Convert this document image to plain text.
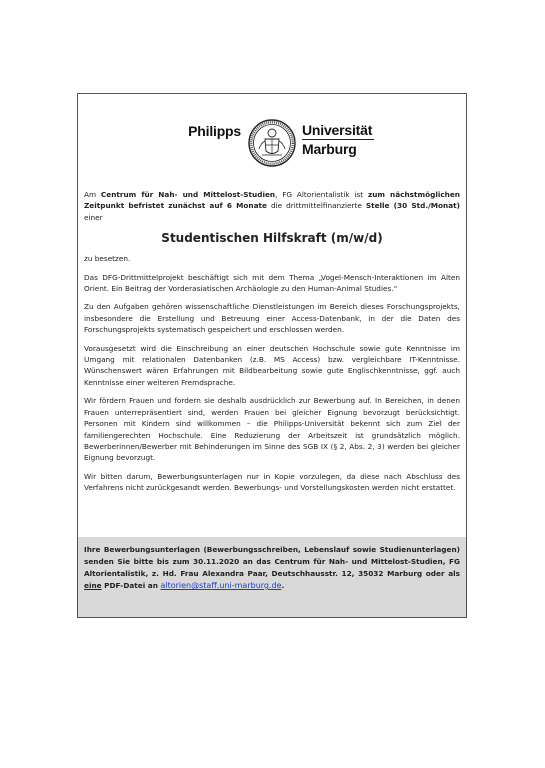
Philipps	Universität
Marburg

Am Centrum für Nah- und Mittelost-Studien, FG Altorientalistik ist zum nächstmöglichen Zeitpunkt befristet zunächst auf 6 Monate die drittmittelfinanzierte Stelle (30 Std./Monat) einer

Studentischen Hilfskraft (m/w/d)

zu besetzen.

Das DFG-Drittmittelprojekt beschäftigt sich mit dem Thema „Vogel-Mensch-Interaktionen im Alten Orient. Ein Beitrag der Vorderasiatischen Archäologie zu den Human-Animal Studies.“

Zu den Aufgaben gehören wissenschaftliche Dienstleistungen im Bereich dieses Forschungsprojekts, insbesondere die Erstellung und Betreuung einer Access-Datenbank, in der die Daten des Forschungsprojekts systematisch gespeichert und erschlossen werden.

Vorausgesetzt wird die Einschreibung an einer deutschen Hochschule sowie gute Kenntnisse im Umgang mit relationalen Datenbanken (z.B. MS Access) bzw. vergleichbare IT-Kenntnisse. Wünschenswert wären Erfahrungen mit Bildbearbeitung sowie gute Englischkenntnisse, ggf. auch Kenntnisse einer weiteren Fremdsprache.

Wir fördern Frauen und fordern sie deshalb ausdrücklich zur Bewerbung auf. In Bereichen, in denen Frauen unterrepräsentiert sind, werden Frauen bei gleicher Eignung bevorzugt berücksichtigt. Personen mit Kindern sind willkommen – die Philipps-Universität bekennt sich zum Ziel der familiengerechten Hochschule. Eine Reduzierung der Arbeitszeit ist grundsätzlich möglich. Bewerberinnen/Bewerber mit Behinderungen im Sinne des SGB IX (§ 2, Abs. 2, 3) werden bei gleicher Eignung bevorzugt.

Wir bitten darum, Bewerbungsunterlagen nur in Kopie vorzulegen, da diese nach Abschluss des Verfahrens nicht zurückgesandt werden. Bewerbungs- und Vorstellungskosten werden nicht erstattet.

Ihre Bewerbungsunterlagen (Bewerbungsschreiben, Lebenslauf sowie Studienunterlagen) senden Sie bitte bis zum 30.11.2020 an das Centrum für Nah- und Mittelost-Studien, FG Altorientalistik, z. Hd. Frau Alexandra Paar, Deutschhausstr. 12, 35032 Marburg oder als eine PDF-Datei an altorien@staff.uni-marburg.de.
